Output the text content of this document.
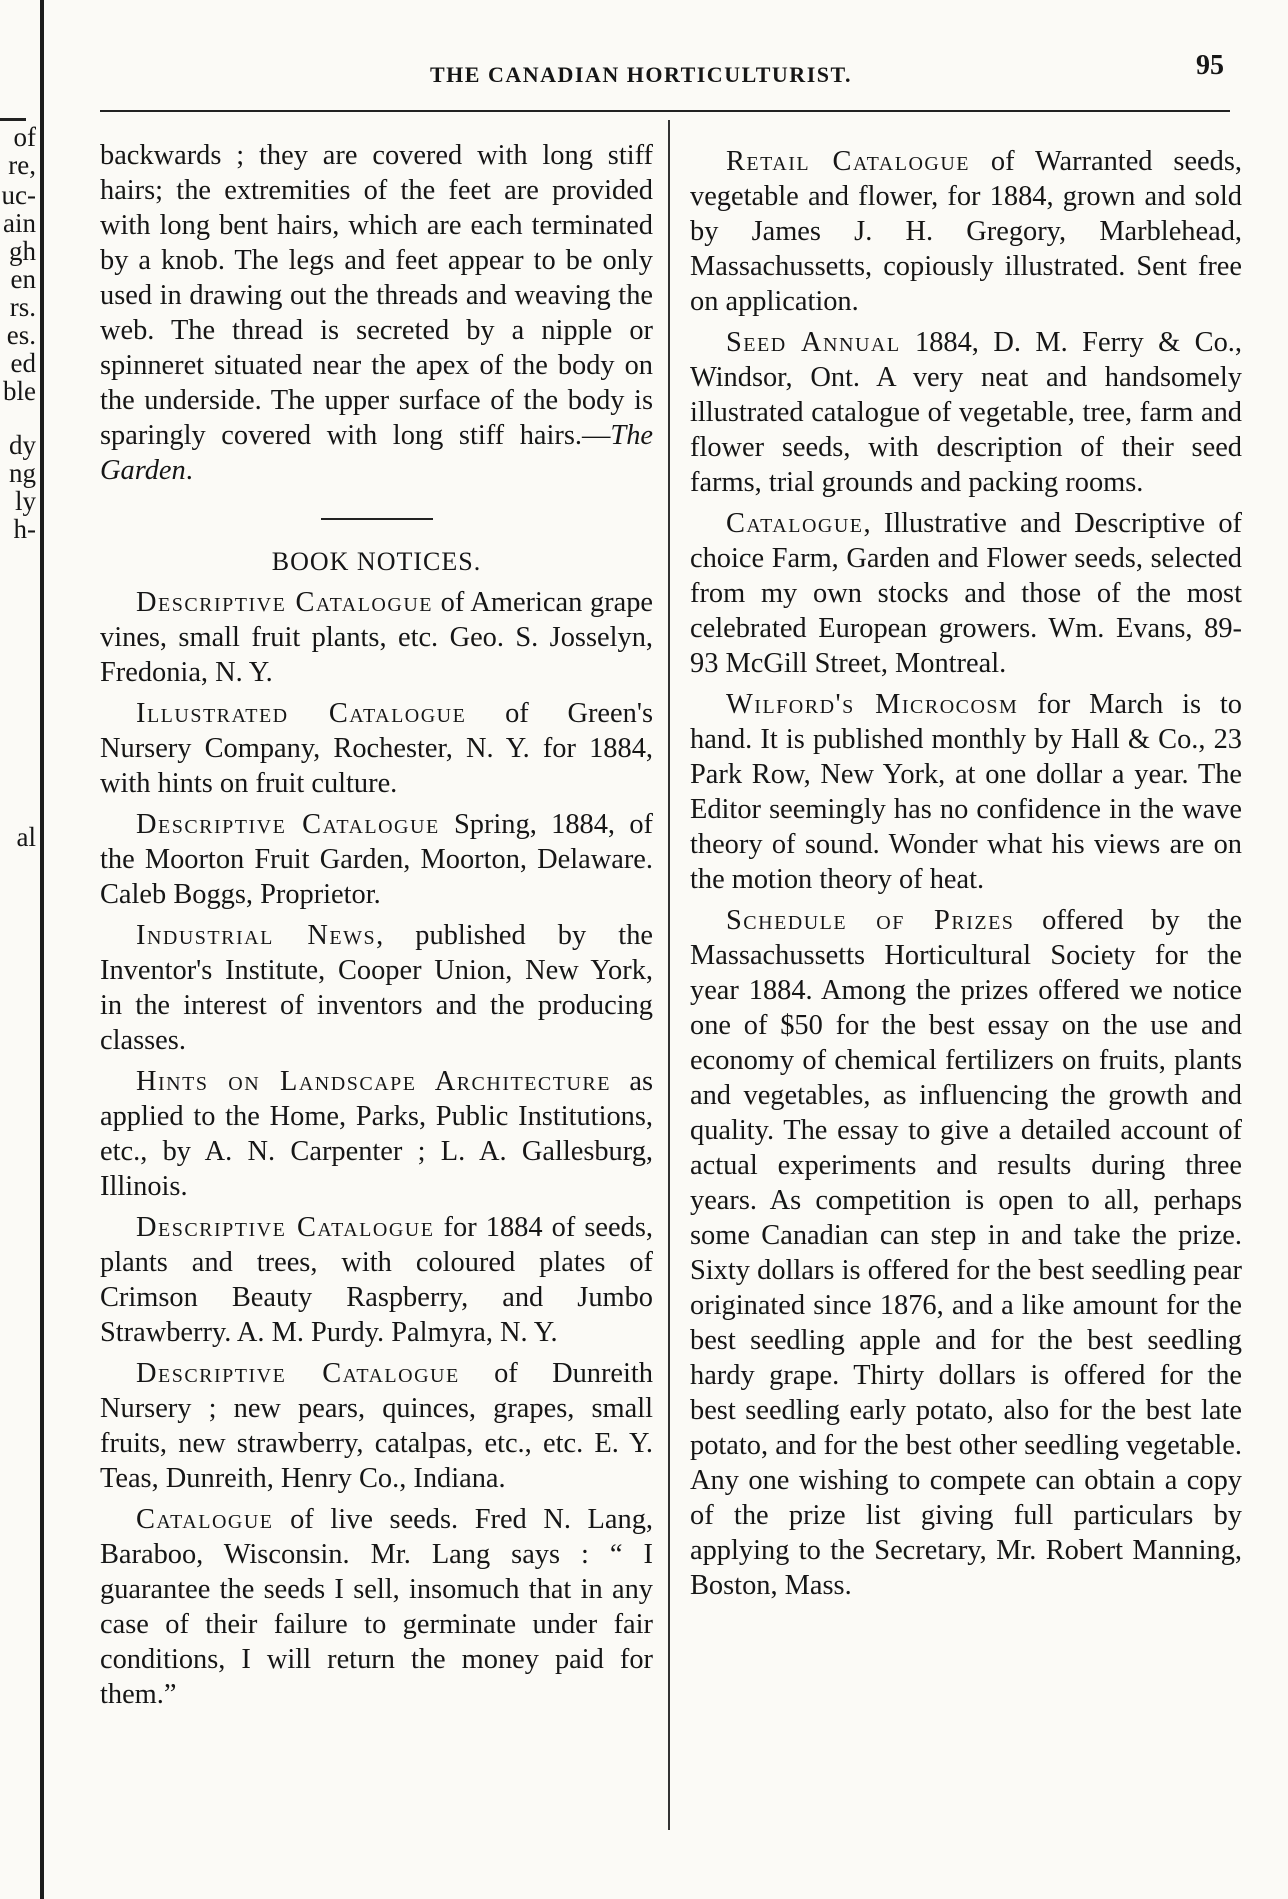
of
re,
uc-
ain
gh
en
rs.
es.
ed
ble
dy
ng
ly
h-
al
THE CANADIAN HORTICULTURIST.	95

backwards ; they are covered with long stiff hairs; the extremities of the feet are provided with long bent hairs, which are each terminated by a knob. The legs and feet appear to be only used in drawing out the threads and weaving the web. The thread is secreted by a nipple or spinneret situated near the apex of the body on the underside. The upper surface of the body is sparingly covered with long stiff hairs.—The Garden.

BOOK NOTICES.

Descriptive Catalogue of American grape vines, small fruit plants, etc. Geo. S. Josselyn, Fredonia, N. Y.

Illustrated Catalogue of Green's Nursery Company, Rochester, N. Y. for 1884, with hints on fruit culture.

Descriptive Catalogue Spring, 1884, of the Moorton Fruit Garden, Moorton, Delaware. Caleb Boggs, Proprietor.

Industrial News, published by the Inventor's Institute, Cooper Union, New York, in the interest of inventors and the producing classes.

Hints on Landscape Architecture as applied to the Home, Parks, Public Institutions, etc., by A. N. Carpenter ; L. A. Gallesburg, Illinois.

Descriptive Catalogue for 1884 of seeds, plants and trees, with coloured plates of Crimson Beauty Raspberry, and Jumbo Strawberry. A. M. Purdy. Palmyra, N. Y.

Descriptive Catalogue of Dunreith Nursery ; new pears, quinces, grapes, small fruits, new strawberry, catalpas, etc., etc. E. Y. Teas, Dunreith, Henry Co., Indiana.

Catalogue of live seeds. Fred N. Lang, Baraboo, Wisconsin. Mr. Lang says : “ I guarantee the seeds I sell, insomuch that in any case of their failure to germinate under fair conditions, I will return the money paid for them.”

Retail Catalogue of Warranted seeds, vegetable and flower, for 1884, grown and sold by James J. H. Gregory, Marblehead, Massachussetts, copiously illustrated. Sent free on application.

Seed Annual 1884, D. M. Ferry & Co., Windsor, Ont. A very neat and handsomely illustrated catalogue of vegetable, tree, farm and flower seeds, with description of their seed farms, trial grounds and packing rooms.

Catalogue, Illustrative and Descriptive of choice Farm, Garden and Flower seeds, selected from my own stocks and those of the most celebrated European growers. Wm. Evans, 89-93 McGill Street, Montreal.

Wilford's Microcosm for March is to hand. It is published monthly by Hall & Co., 23 Park Row, New York, at one dollar a year. The Editor seemingly has no confidence in the wave theory of sound. Wonder what his views are on the motion theory of heat.

Schedule of Prizes offered by the Massachussetts Horticultural Society for the year 1884. Among the prizes offered we notice one of $50 for the best essay on the use and economy of chemical fertilizers on fruits, plants and vegetables, as influencing the growth and quality. The essay to give a detailed account of actual experiments and results during three years. As competition is open to all, perhaps some Canadian can step in and take the prize. Sixty dollars is offered for the best seedling pear originated since 1876, and a like amount for the best seedling apple and for the best seedling hardy grape. Thirty dollars is offered for the best seedling early potato, also for the best late potato, and for the best other seedling vegetable. Any one wishing to compete can obtain a copy of the prize list giving full particulars by applying to the Secretary, Mr. Robert Manning, Boston, Mass.
